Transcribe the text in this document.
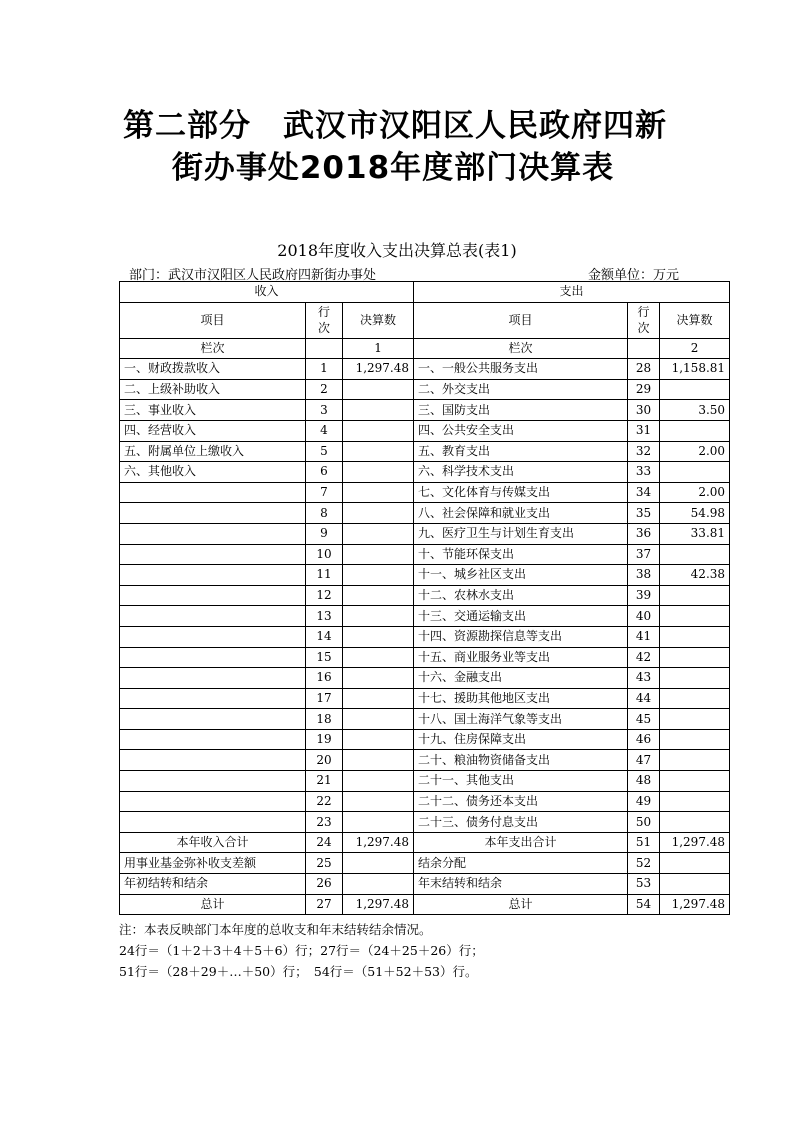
第二部分　武汉市汉阳区人民政府四新
街办事处2018年度部门决算表
2018年度收入支出决算总表(表1)
部门：武汉市汉阳区人民政府四新街办事处	金额单位：万元
收入			支出		
项目	行次	决算数	项目	行次	决算数
栏次		1	栏次		2
一、财政拨款收入	1	1,297.48	一、一般公共服务支出	28	1,158.81
二、上级补助收入	2		二、外交支出	29	
三、事业收入	3		三、国防支出	30	3.50
四、经营收入	4		四、公共安全支出	31	
五、附属单位上缴收入	5		五、教育支出	32	2.00
六、其他收入	6		六、科学技术支出	33	
	7		七、文化体育与传媒支出	34	2.00
	8		八、社会保障和就业支出	35	54.98
	9		九、医疗卫生与计划生育支出	36	33.81
	10		十、节能环保支出	37	
	11		十一、城乡社区支出	38	42.38
	12		十二、农林水支出	39	
	13		十三、交通运输支出	40	
	14		十四、资源勘探信息等支出	41	
	15		十五、商业服务业等支出	42	
	16		十六、金融支出	43	
	17		十七、援助其他地区支出	44	
	18		十八、国土海洋气象等支出	45	
	19		十九、住房保障支出	46	
	20		二十、粮油物资储备支出	47	
	21		二十一、其他支出	48	
	22		二十二、债务还本支出	49	
	23		二十三、债务付息支出	50	
本年收入合计	24	1,297.48	本年支出合计	51	1,297.48
用事业基金弥补收支差额	25		结余分配	52	
年初结转和结余	26		年末结转和结余	53	
总计	27	1,297.48	总计	54	1,297.48
注：本表反映部门本年度的总收支和年末结转结余情况。
24行＝（1＋2＋3＋4＋5＋6）行；27行＝（24＋25＋26）行；
51行＝（28＋29＋…＋50）行；　54行＝（51＋52＋53）行。
